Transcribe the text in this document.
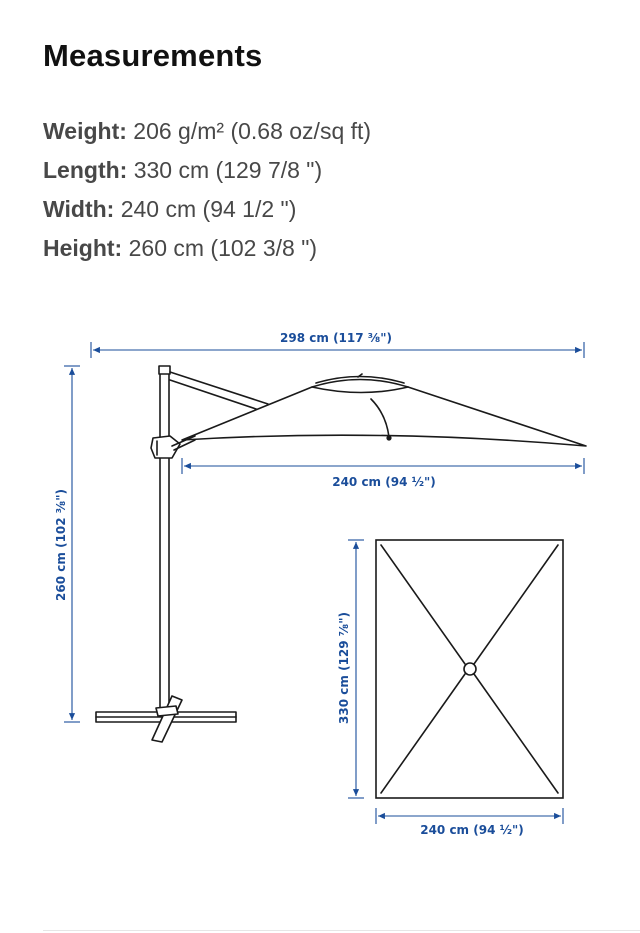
Measurements
Weight: 206 g/m² (0.68 oz/sq ft)
Length: 330 cm (129 7/8 ")
Width: 240 cm (94 1/2 ")
Height: 260 cm (102 3/8 ")
298 cm (117 ⅜")
240 cm (94 ½")
260 cm (102 ⅜")
330 cm (129 ⅞")
240 cm (94 ½")
